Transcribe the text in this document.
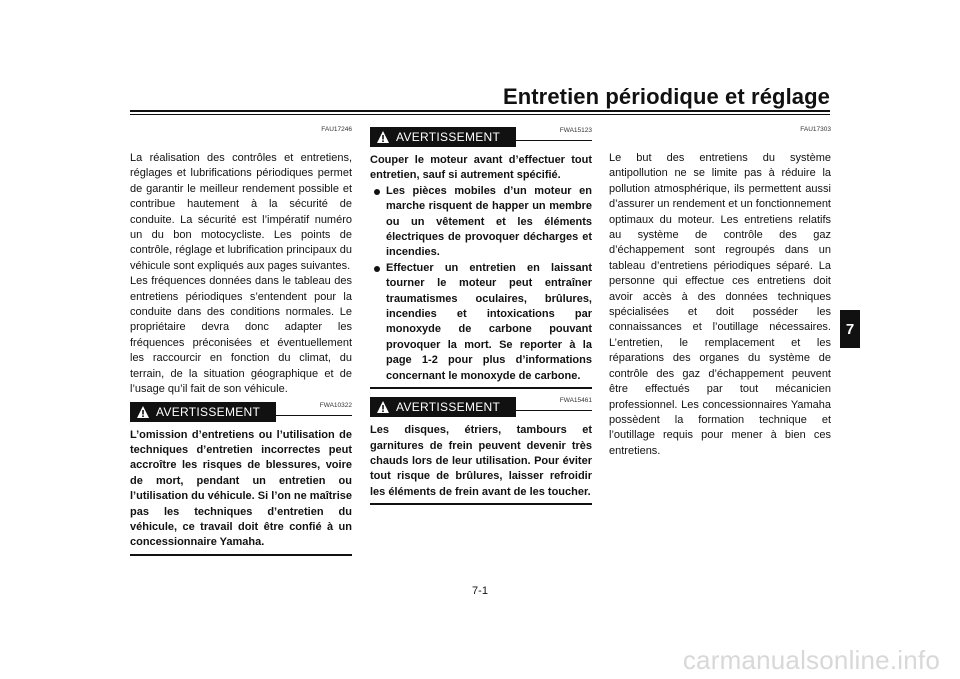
Entretien périodique et réglage
7
FAU17246

La réalisation des contrôles et entretiens, réglages et lubrifications périodiques permet de garantir le meilleur rendement possible et contribue hautement à la sécurité de conduite. La sécurité est l’impératif numéro un du bon motocycliste. Les points de contrôle, réglage et lubrification principaux du véhicule sont expliqués aux pages suivantes.

Les fréquences données dans le tableau des entretiens périodiques s’entendent pour la conduite dans des conditions normales. Le propriétaire devra donc adapter les fréquences préconisées et éventuellement les raccourcir en fonction du climat, du terrain, de la situation géographique et de l’usage qu’il fait de son véhicule.

AVERTISSEMENT	FWA10322

L’omission d’entretiens ou l’utilisation de techniques d’entretien incorrectes peut accroître les risques de blessures, voire de mort, pendant un entretien ou l’utilisation du véhicule. Si l’on ne maîtrise pas les techniques d’entretien du véhicule, ce travail doit être confié à un concessionnaire Yamaha.

AVERTISSEMENT	FWA15123

Couper le moteur avant d’effectuer tout entretien, sauf si autrement spécifié.

Les pièces mobiles d’un moteur en marche risquent de happer un membre ou un vêtement et les éléments électriques de provoquer décharges et incendies.
Effectuer un entretien en laissant tourner le moteur peut entraîner traumatismes oculaires, brûlures, incendies et intoxications par monoxyde de carbone pouvant provoquer la mort. Se reporter à la page 1-2 pour plus d’informations concernant le monoxyde de carbone.
AVERTISSEMENT	FWA15461

Les disques, étriers, tambours et garnitures de frein peuvent devenir très chauds lors de leur utilisation. Pour éviter tout risque de brûlures, laisser refroidir les éléments de frein avant de les toucher.

FAU17303

Le but des entretiens du système antipollution ne se limite pas à réduire la pollution atmosphérique, ils permettent aussi d’assurer un rendement et un fonctionnement optimaux du moteur. Les entretiens relatifs au système de contrôle des gaz d’échappement sont regroupés dans un tableau d’entretiens périodiques séparé. La personne qui effectue ces entretiens doit avoir accès à des données techniques spécialisées et doit posséder les connaissances et l’outillage nécessaires. L’entretien, le remplacement et les réparations des organes du système de contrôle des gaz d’échappement peuvent être effectués par tout mécanicien professionnel. Les concessionnaires Yamaha possèdent la formation technique et l’outillage requis pour mener à bien ces entretiens.

7-1
carmanualsonline.info
